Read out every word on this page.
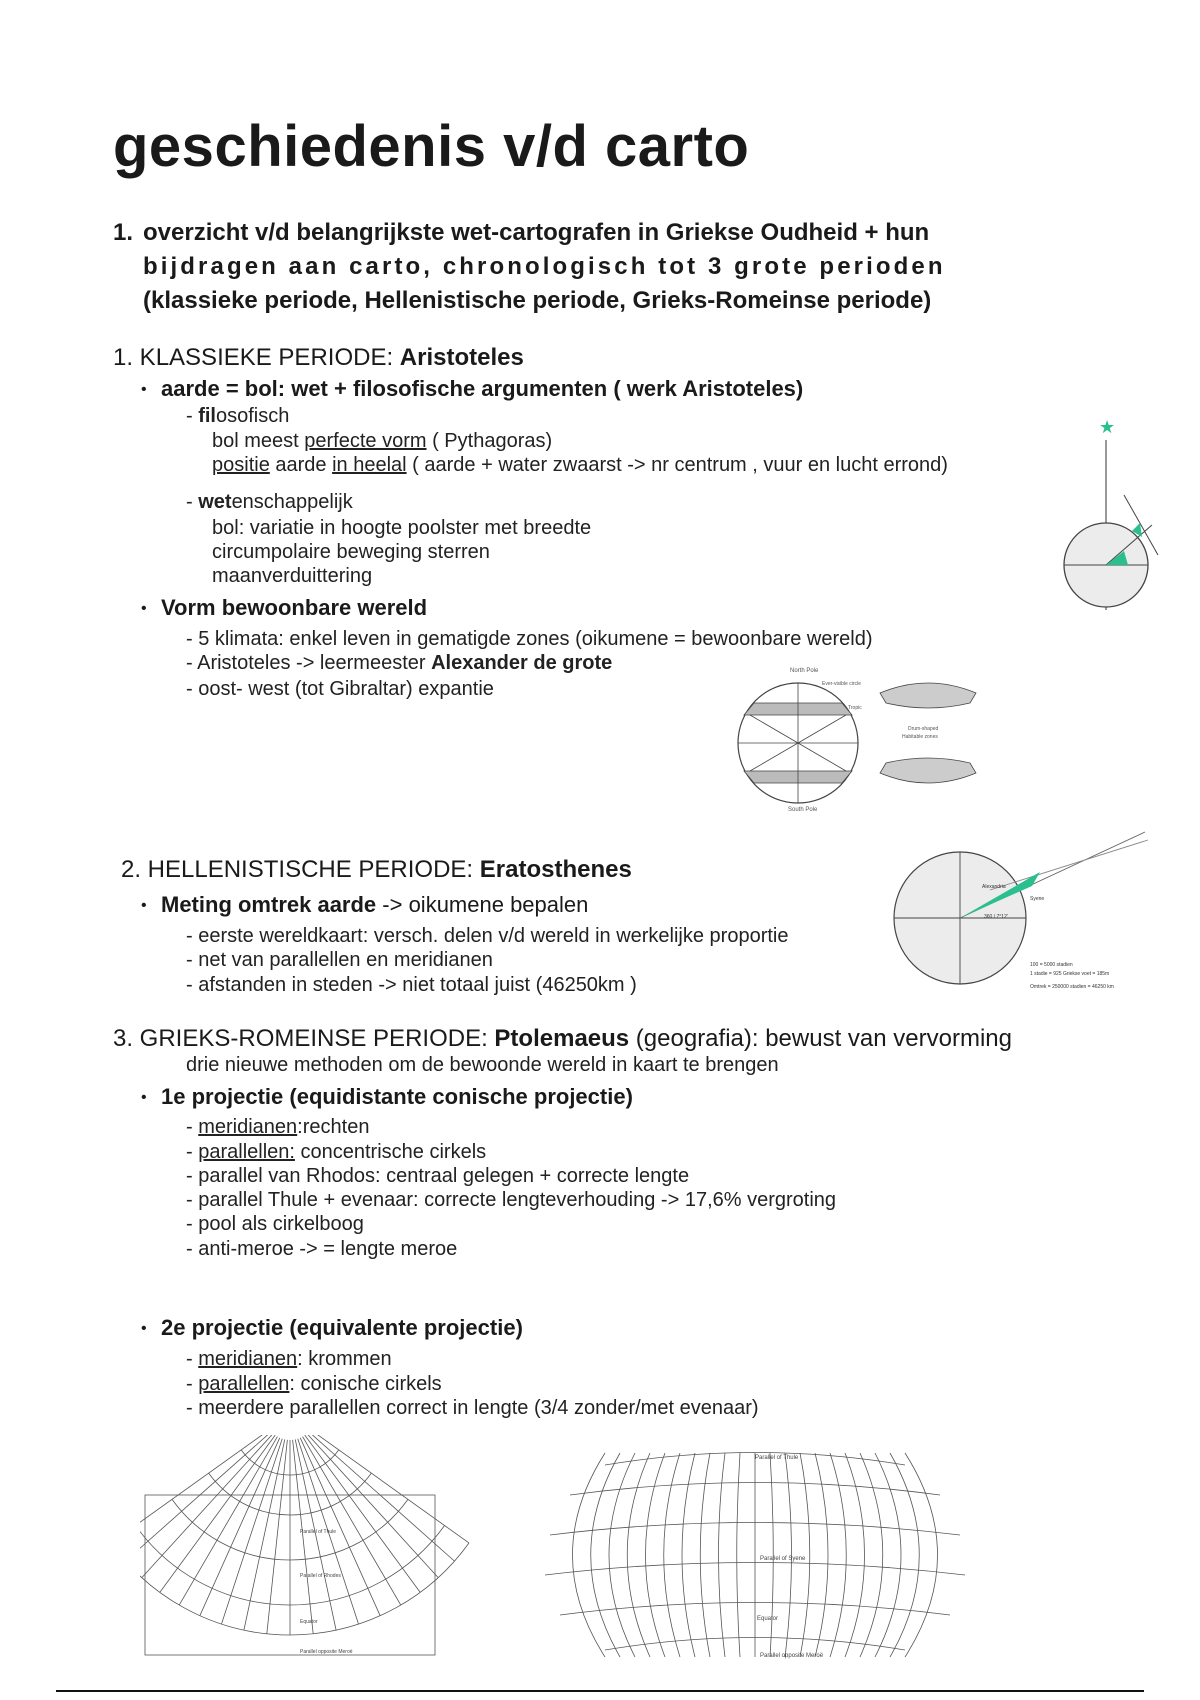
geschiedenis v/d carto
1. overzicht v/d belangrijkste wet-cartografen in Griekse Oudheid + hun
bijdragen aan carto, chronologisch tot 3 grote perioden
(klassieke periode, Hellenistische periode, Grieks-Romeinse periode)
1. KLASSIEKE PERIODE: Aristoteles
• aarde = bol: wet + filosofische argumenten ( werk Aristoteles)
- filosofisch
bol meest perfecte vorm ( Pythagoras)
positie aarde in heelal ( aarde + water zwaarst -> nr centrum , vuur en lucht errond)
- wetenschappelijk
bol: variatie in hoogte poolster met breedte
circumpolaire beweging sterren
maanverduittering
• Vorm bewoonbare wereld
- 5 klimata: enkel leven in gematigde zones (oikumene = bewoonbare wereld)
- Aristoteles -> leermeester Alexander de grote
- oost- west (tot Gibraltar) expantie
★
North Pole
Ever-visible circle
Tropic
South Pole
Drum-shaped
Habitable zones
2. HELLENISTISCHE PERIODE: Eratosthenes
• Meting omtrek aarde -> oikumene bepalen
- eerste wereldkaart: versch. delen v/d wereld in werkelijke proportie
- net van parallellen en meridianen
- afstanden in steden -> niet totaal juist (46250km )
Alexandria
Syene
360 / 7°12'
100 = 5000 stadien
1 stadie = 925 Griekse voet = 185m
Omtrek = 250000 stadien = 46250 km
3. GRIEKS-ROMEINSE PERIODE: Ptolemaeus (geografia): bewust van vervorming
drie nieuwe methoden om de bewoonde wereld in kaart te brengen
• 1e projectie (equidistante conische projectie)
- meridianen:rechten
- parallellen: concentrische cirkels
- parallel van Rhodos: centraal gelegen + correcte lengte
- parallel Thule + evenaar: correcte lengteverhouding -> 17,6% vergroting
- pool als cirkelboog
- anti-meroe -> = lengte meroe
• 2e projectie (equivalente projectie)
- meridianen: krommen
- parallellen: conische cirkels
- meerdere parallellen correct in lengte (3/4 zonder/met evenaar)
Parallel of Thule
Parallel of Rhodes
Equator
Parallel opposite Meroë
Parallel of Thule
Parallel of Syene
Equator
Parallel opposite Meroë
